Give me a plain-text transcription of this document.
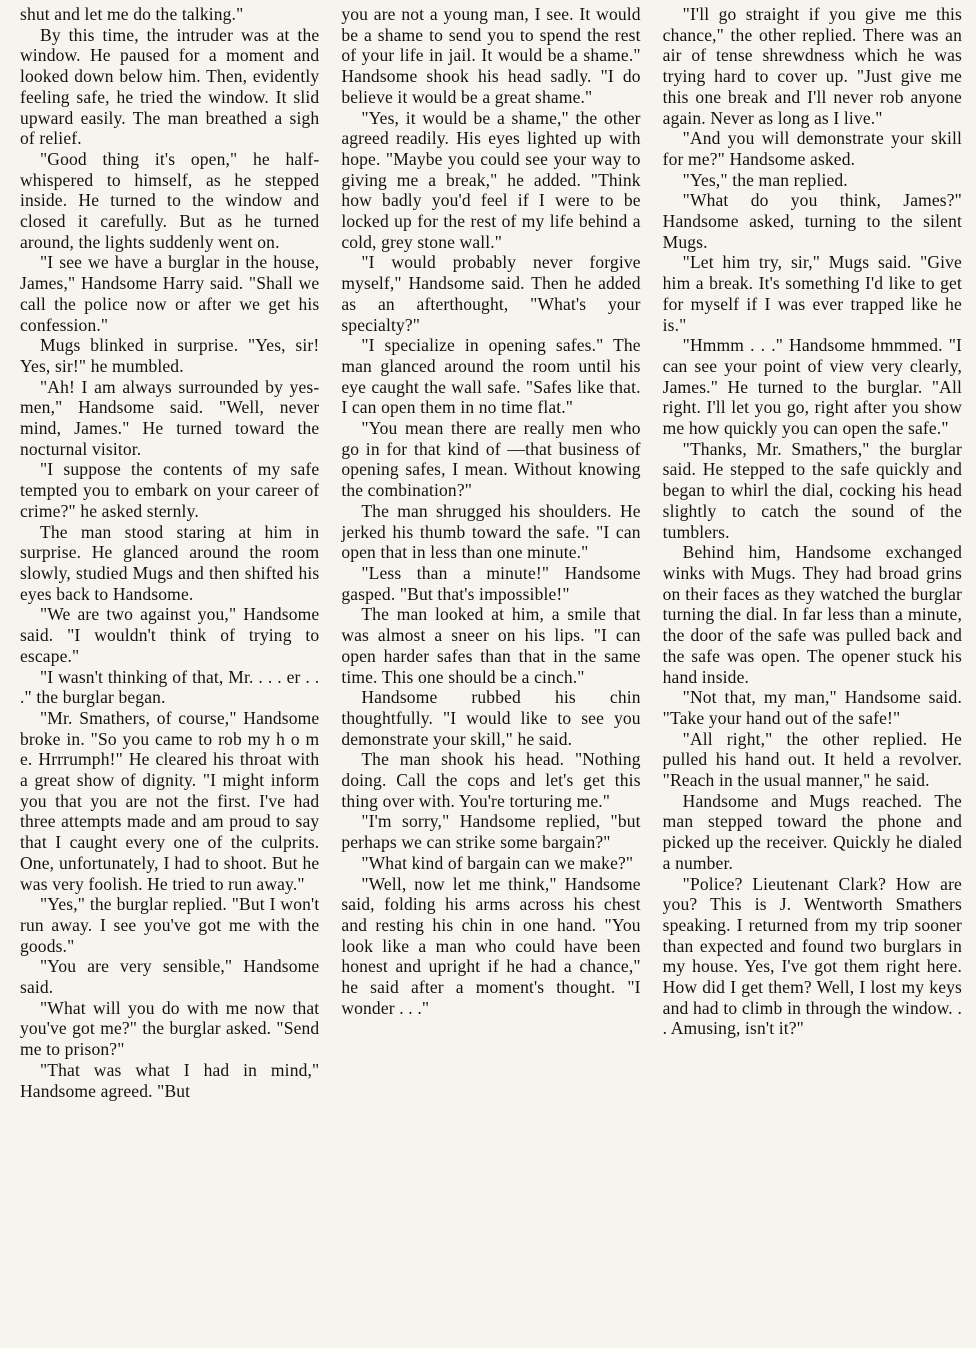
shut and let me do the talking."

By this time, the intruder was at the window. He paused for a moment and looked down below him. Then, evidently feeling safe, he tried the window. It slid upward easily. The man breathed a sigh of relief.

"Good thing it's open," he half-whispered to himself, as he stepped inside. He turned to the window and closed it carefully. But as he turned around, the lights suddenly went on.

"I see we have a burglar in the house, James," Handsome Harry said. "Shall we call the police now or after we get his confession."

Mugs blinked in surprise. "Yes, sir! Yes, sir!" he mumbled.

"Ah! I am always surrounded by yes-men," Handsome said. "Well, never mind, James." He turned toward the nocturnal visitor.

"I suppose the contents of my safe tempted you to embark on your career of crime?" he asked sternly.

The man stood staring at him in surprise. He glanced around the room slowly, studied Mugs and then shifted his eyes back to Handsome.

"We are two against you," Handsome said. "I wouldn't think of trying to escape."

"I wasn't thinking of that, Mr. . . . er . . ." the burglar began.

"Mr. Smathers, of course," Handsome broke in. "So you came to rob my h o m e. Hrrrumph!" He cleared his throat with a great show of dignity. "I might inform you that you are not the first. I've had three attempts made and am proud to say that I caught every one of the culprits. One, unfortunately, I had to shoot. But he was very foolish. He tried to run away."

"Yes," the burglar replied. "But I won't run away. I see you've got me with the goods."

"You are very sensible," Handsome said.

"What will you do with me now that you've got me?" the burglar asked. "Send me to prison?"

"That was what I had in mind," Handsome agreed. "But

you are not a young man, I see. It would be a shame to send you to spend the rest of your life in jail. It would be a shame." Handsome shook his head sadly. "I do believe it would be a great shame."

"Yes, it would be a shame," the other agreed readily. His eyes lighted up with hope. "Maybe you could see your way to giving me a break," he added. "Think how badly you'd feel if I were to be locked up for the rest of my life behind a cold, grey stone wall."

"I would probably never forgive myself," Handsome said. Then he added as an afterthought, "What's your specialty?"

"I specialize in opening safes." The man glanced around the room until his eye caught the wall safe. "Safes like that. I can open them in no time flat."

"You mean there are really men who go in for that kind of —that business of opening safes, I mean. Without knowing the combination?"

The man shrugged his shoulders. He jerked his thumb toward the safe. "I can open that in less than one minute."

"Less than a minute!" Handsome gasped. "But that's impossible!"

The man looked at him, a smile that was almost a sneer on his lips. "I can open harder safes than that in the same time. This one should be a cinch."

Handsome rubbed his chin thoughtfully. "I would like to see you demonstrate your skill," he said.

The man shook his head. "Nothing doing. Call the cops and let's get this thing over with. You're torturing me."

"I'm sorry," Handsome replied, "but perhaps we can strike some bargain?"

"What kind of bargain can we make?"

"Well, now let me think," Handsome said, folding his arms across his chest and resting his chin in one hand. "You look like a man who could have been honest and upright if he had a chance," he said after a moment's thought. "I wonder . . ."

"I'll go straight if you give me this chance," the other replied. There was an air of tense shrewdness which he was trying hard to cover up. "Just give me this one break and I'll never rob anyone again. Never as long as I live."

"And you will demonstrate your skill for me?" Handsome asked.

"Yes," the man replied.

"What do you think, James?" Handsome asked, turning to the silent Mugs.

"Let him try, sir," Mugs said. "Give him a break. It's something I'd like to get for myself if I was ever trapped like he is."

"Hmmm . . ." Handsome hmmmed. "I can see your point of view very clearly, James." He turned to the burglar. "All right. I'll let you go, right after you show me how quickly you can open the safe."

"Thanks, Mr. Smathers," the burglar said. He stepped to the safe quickly and began to whirl the dial, cocking his head slightly to catch the sound of the tumblers.

Behind him, Handsome exchanged winks with Mugs. They had broad grins on their faces as they watched the burglar turning the dial. In far less than a minute, the door of the safe was pulled back and the safe was open. The opener stuck his hand inside.

"Not that, my man," Handsome said. "Take your hand out of the safe!"

"All right," the other replied. He pulled his hand out. It held a revolver. "Reach in the usual manner," he said.

Handsome and Mugs reached. The man stepped toward the phone and picked up the receiver. Quickly he dialed a number.

"Police? Lieutenant Clark? How are you? This is J. Wentworth Smathers speaking. I returned from my trip sooner than expected and found two burglars in my house. Yes, I've got them right here. How did I get them? Well, I lost my keys and had to climb in through the window. . . Amusing, isn't it?"
